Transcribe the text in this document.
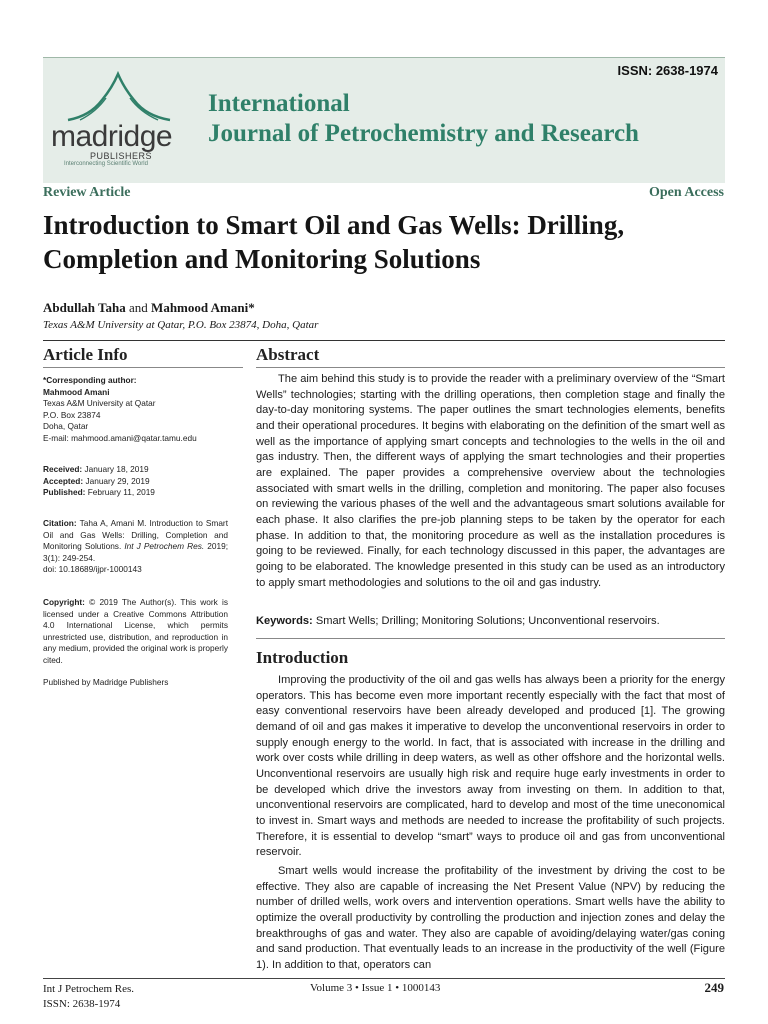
ISSN: 2638-1974
madridge
PUBLISHERS
Interconnecting Scientific World
International
Journal of Petrochemistry and Research
Review Article	Open Access
Introduction to Smart Oil and Gas Wells: Drilling,
Completion and Monitoring Solutions
Abdullah Taha and Mahmood Amani*
Texas A&M University at Qatar, P.O. Box 23874, Doha, Qatar
Article Info

*Corresponding author:

Mahmood Amani

Texas A&M University at Qatar

P.O. Box 23874

Doha, Qatar

E-mail: mahmood.amani@qatar.tamu.edu

Received: January 18, 2019

Accepted: January 29, 2019

Published: February 11, 2019

Citation: Taha A, Amani M. Introduction to Smart Oil and Gas Wells: Drilling, Completion and Monitoring Solutions. Int J Petrochem Res. 2019; 3(1): 249-254.

doi: 10.18689/ijpr-1000143

Copyright: © 2019 The Author(s). This work is licensed under a Creative Commons Attribution 4.0 International License, which permits unrestricted use, distribution, and reproduction in any medium, provided the original work is properly cited.

Published by Madridge Publishers
Abstract

The aim behind this study is to provide the reader with a preliminary overview of the “Smart Wells” technologies; starting with the drilling operations, then completion stage and finally the day-to-day monitoring systems. The paper outlines the smart technologies elements, benefits and their operational procedures. It begins with elaborating on the definition of the smart well as well as the importance of applying smart concepts and technologies to the wells in the oil and gas industry. Then, the different ways of applying the smart technologies and their properties are explained. The paper provides a comprehensive overview about the technologies associated with smart wells in the drilling, completion and monitoring. The paper also focuses on reviewing the various phases of the well and the advantageous smart solutions available for each phase. It also clarifies the pre-job planning steps to be taken by the operator for each phase. In addition to that, the monitoring procedure as well as the installation procedures is going to be reviewed. Finally, for each technology discussed in this paper, the advantages are going to be elaborated. The knowledge presented in this study can be used as an introductory to apply smart methodologies and solutions to the oil and gas industry.

Keywords: Smart Wells; Drilling; Monitoring Solutions; Unconventional reservoirs.
Introduction

Improving the productivity of the oil and gas wells has always been a priority for the energy operators. This has become even more important recently especially with the fact that most of easy conventional reservoirs have been already developed and produced [1]. The growing demand of oil and gas makes it imperative to develop the unconventional reservoirs in order to supply enough energy to the world. In fact, that is associated with increase in the drilling and work over costs while drilling in deep waters, as well as other offshore and the horizontal wells. Unconventional reservoirs are usually high risk and require huge early investments in order to be developed which drive the investors away from investing on them. In addition to that, unconventional reservoirs are complicated, hard to develop and most of the time uneconomical to invest in. Smart ways and methods are needed to increase the profitability of such projects. Therefore, it is essential to develop “smart” ways to produce oil and gas from unconventional reservoir.

Smart wells would increase the profitability of the investment by driving the cost to be effective. They also are capable of increasing the Net Present Value (NPV) by reducing the number of drilled wells, work overs and intervention operations. Smart wells have the ability to optimize the overall productivity by controlling the production and injection zones and delay the breakthroughs of gas and water. They also are capable of avoiding/delaying water/gas coning and sand production. That eventually leads to an increase in the productivity of the well (Figure 1). In addition to that, operators can

Int J Petrochem Res.
ISSN: 2638-1974
Volume 3 • Issue 1 • 1000143	249
